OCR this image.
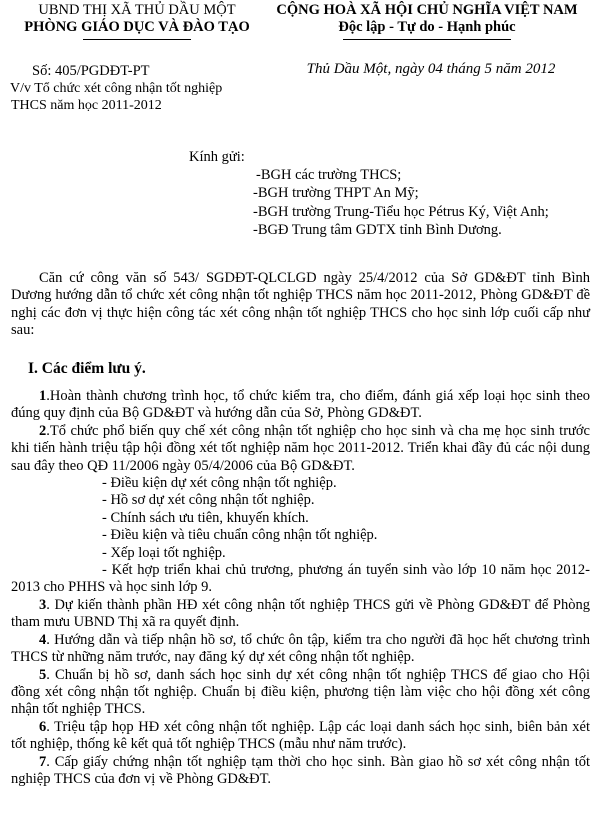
UBND THỊ XÃ THỦ DẦU MỘT
PHÒNG GIÁO DỤC VÀ ĐÀO TẠO
CỘNG HOÀ XÃ HỘI CHỦ NGHĨA VIỆT NAM
Độc lập - Tự do - Hạnh phúc
Số: 405/PGDĐT-PT	Thủ Dầu Một, ngày 04 tháng 5 năm 2012
V/v Tổ chức xét công nhận tốt nghiệp
THCS năm học 2011-2012
Kính gửi:
-BGH các trường THCS;
-BGH trường THPT An Mỹ;
-BGH trường Trung-Tiểu học Pétrus Ký, Việt Anh;
-BGĐ Trung tâm GDTX tỉnh Bình Dương.

Căn cứ công văn số 543/ SGDĐT-QLCLGD ngày 25/4/2012 của Sở GD&ĐT tỉnh Bình Dương hướng dẫn tổ chức xét công nhận tốt nghiệp THCS năm học 2011-2012, Phòng GD&ĐT đề nghị các đơn vị thực hiện công tác xét công nhận tốt nghiệp THCS cho học sinh lớp cuối cấp như sau:

I. Các điểm lưu ý.

1.Hoàn thành chương trình học, tổ chức kiểm tra, cho điểm, đánh giá xếp loại học sinh theo đúng quy định của Bộ GD&ĐT và hướng dẫn của Sở, Phòng GD&ĐT.

2.Tổ chức phổ biến quy chế xét công nhận tốt nghiệp cho học sinh và cha mẹ học sinh trước khi tiến hành triệu tập hội đồng xét tốt nghiệp năm học 2011-2012. Triển khai đầy đủ các nội dung sau đây theo QĐ 11/2006 ngày 05/4/2006 của Bộ GD&ĐT.

- Điều kiện dự xét công nhận tốt nghiệp.

- Hồ sơ dự xét công nhận tốt nghiệp.

- Chính sách ưu tiên, khuyến khích.

- Điều kiện và tiêu chuẩn công nhận tốt nghiệp.

- Xếp loại tốt nghiệp.

- Kết hợp triển khai chủ trương, phương án tuyển sinh vào lớp 10 năm học 2012-2013 cho PHHS và học sinh lớp 9.

3. Dự kiến thành phần HĐ xét công nhận tốt nghiệp THCS gửi về Phòng GD&ĐT để Phòng tham mưu UBND Thị xã ra quyết định.

4. Hướng dẫn và tiếp nhận hồ sơ, tổ chức ôn tập, kiểm tra cho người đã học hết chương trình THCS từ những năm trước, nay đăng ký dự xét công nhận tốt nghiệp.

5. Chuẩn bị hồ sơ, danh sách học sinh dự xét công nhận tốt nghiệp THCS để giao cho Hội đồng xét công nhận tốt nghiệp. Chuẩn bị điều kiện, phương tiện làm việc cho hội đồng xét công nhận tốt nghiệp THCS.

6. Triệu tập họp HĐ xét công nhận tốt nghiệp. Lập các loại danh sách học sinh, biên bản xét tốt nghiệp, thống kê kết quả tốt nghiệp THCS (mẫu như năm trước).

7. Cấp giấy chứng nhận tốt nghiệp tạm thời cho học sinh. Bàn giao hồ sơ xét công nhận tốt nghiệp THCS của đơn vị về Phòng GD&ĐT.
